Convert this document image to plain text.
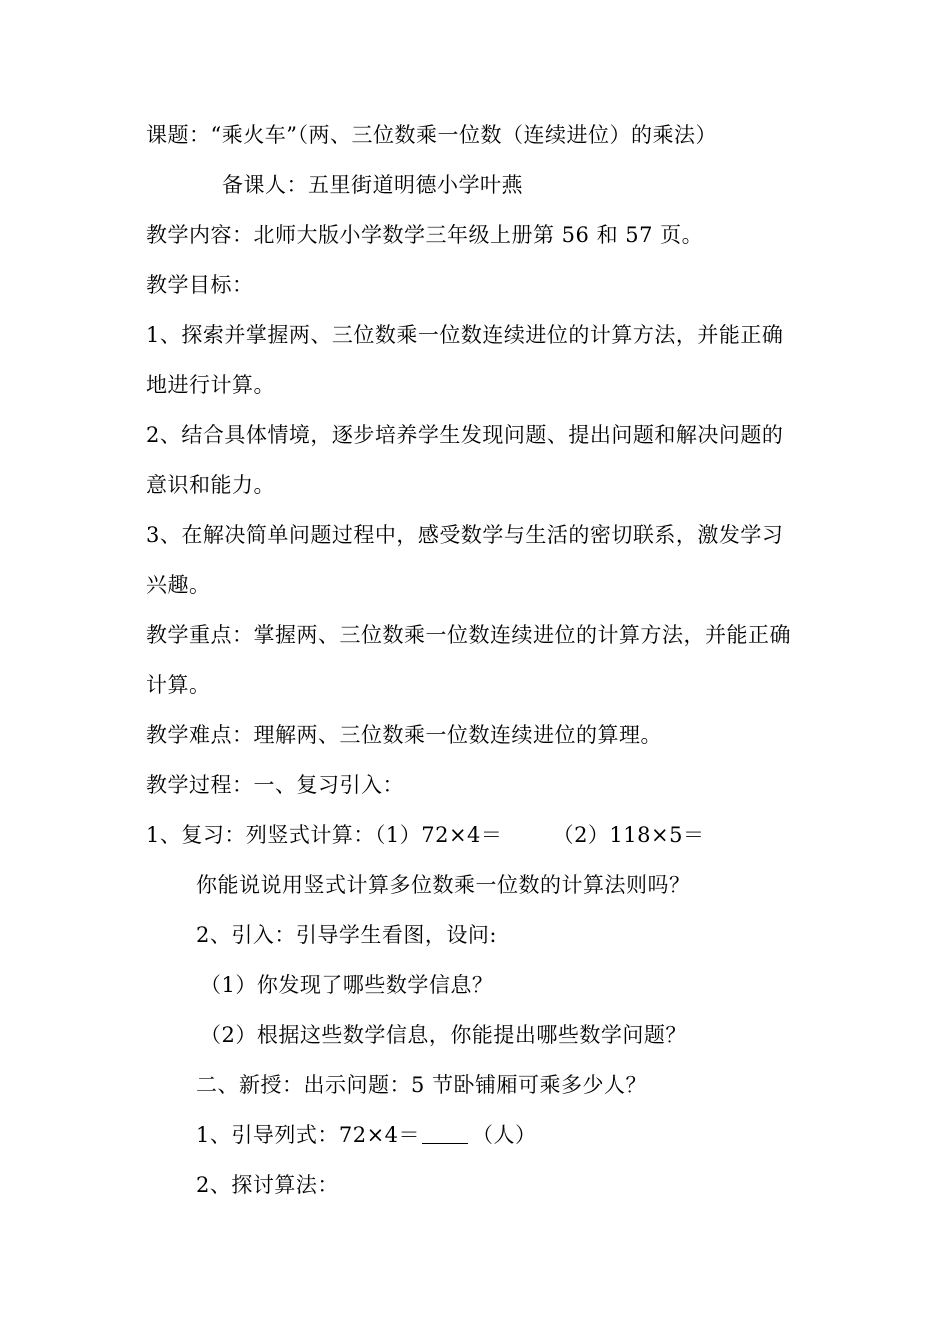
课题：“乘火车”（两、三位数乘一位数（连续进位）的乘法）
备课人：五里街道明德小学叶燕
教学内容：北师大版小学数学三年级上册第 56 和 57 页。
教学目标：
1、探索并掌握两、三位数乘一位数连续进位的计算方法，并能正确
地进行计算。
2、结合具体情境，逐步培养学生发现问题、提出问题和解决问题的
意识和能力。
3、在解决简单问题过程中，感受数学与生活的密切联系，激发学习
兴趣。
教学重点：掌握两、三位数乘一位数连续进位的计算方法，并能正确
计算。
教学难点：理解两、三位数乘一位数连续进位的算理。
教学过程：一、复习引入：
1、复习：列竖式计算：（1）72×4＝　　 （2）118×5＝
你能说说用竖式计算多位数乘一位数的计算法则吗？
2、引入：引导学生看图，设问:
（1）你发现了哪些数学信息？
（2）根据这些数学信息，你能提出哪些数学问题？
二、新授：出示问题：5 节卧铺厢可乘多少人？
1、引导列式：72×4＝ （人）
2、探讨算法：
